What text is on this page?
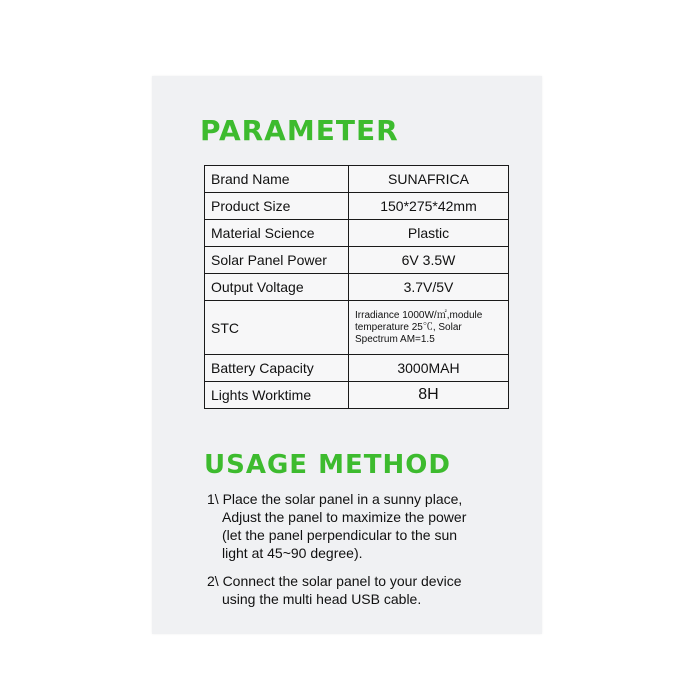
PARAMETER
Brand Name	SUNAFRICA
Product Size	150*275*42mm
Material Science	Plastic
Solar Panel Power	6V 3.5W
Output Voltage	3.7V/5V
STC	Irradiance 1000W/㎡,module temperature 25℃, Solar Spectrum AM=1.5
Battery Capacity	3000MAH
Lights Worktime	8H
USAGE METHOD
1\ Place the solar panel in a sunny place,
Adjust the panel to maximize the power
(let the panel perpendicular to the sun
light at 45~90 degree).
2\ Connect the solar panel to your device
using the multi head USB cable.
